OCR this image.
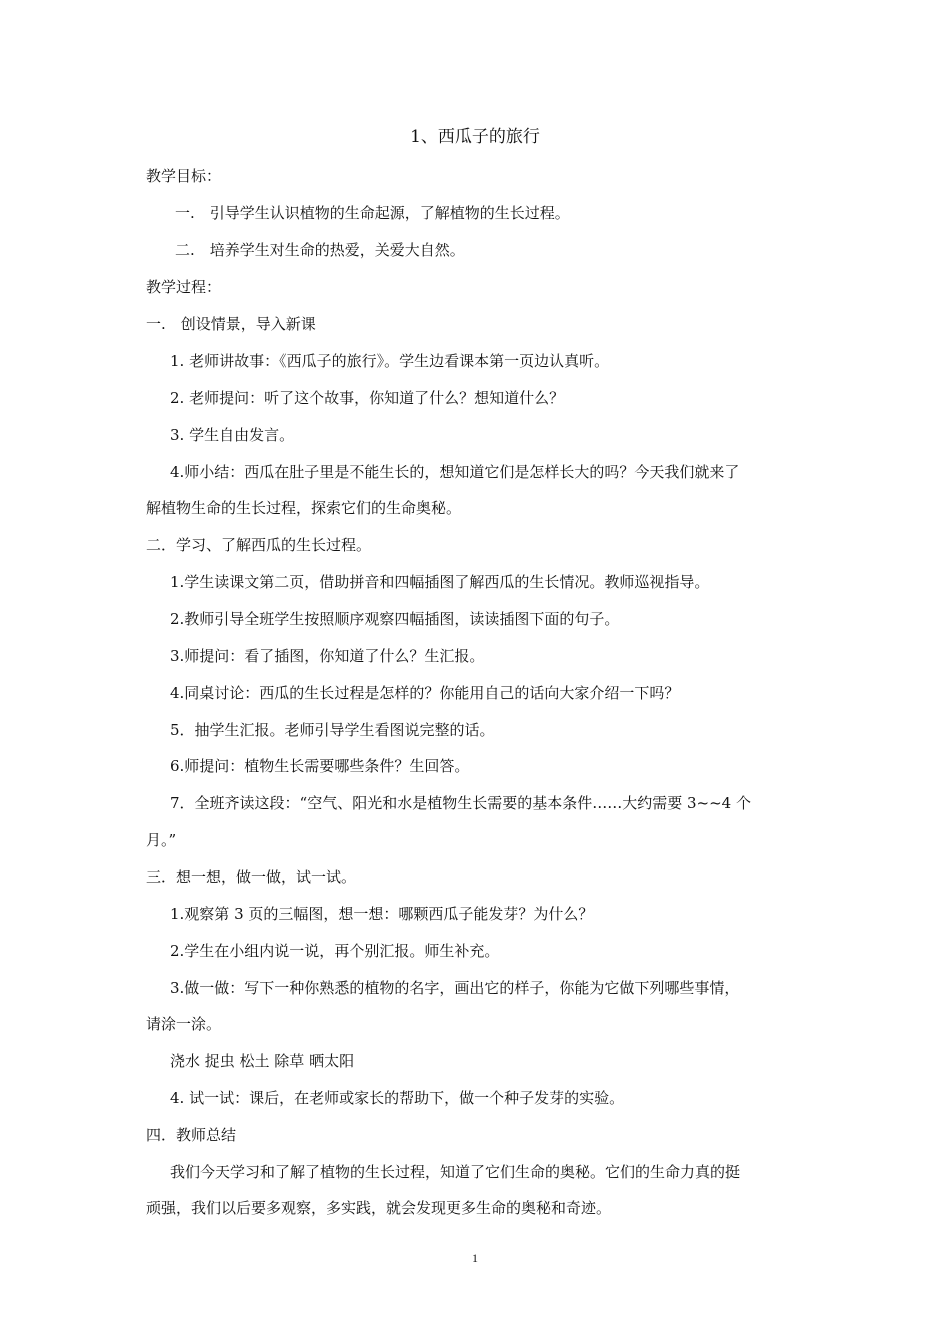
1、西瓜子的旅行
教学目标：
一.　引导学生认识植物的生命起源，了解植物的生长过程。
二.　培养学生对生命的热爱，关爱大自然。
教学过程：
一.　创设情景，导入新课
1. 老师讲故事：《西瓜子的旅行》。学生边看课本第一页边认真听。
2. 老师提问：听了这个故事，你知道了什么？想知道什么？
3. 学生自由发言。
4.师小结：西瓜在肚子里是不能生长的，想知道它们是怎样长大的吗？今天我们就来了
解植物生命的生长过程，探索它们的生命奥秘。
二．学习、了解西瓜的生长过程。
1.学生读课文第二页，借助拼音和四幅插图了解西瓜的生长情况。教师巡视指导。
2.教师引导全班学生按照顺序观察四幅插图，读读插图下面的句子。
3.师提问：看了插图，你知道了什么？生汇报。
4.同桌讨论：西瓜的生长过程是怎样的？你能用自己的话向大家介绍一下吗？
5．抽学生汇报。老师引导学生看图说完整的话。
6.师提问：植物生长需要哪些条件？生回答。
7．全班齐读这段：“空气、阳光和水是植物生长需要的基本条件……大约需要 3~~4 个
月。”
三．想一想，做一做，试一试。
1.观察第 3 页的三幅图，想一想：哪颗西瓜子能发芽？为什么？
2.学生在小组内说一说，再个别汇报。师生补充。
3.做一做：写下一种你熟悉的植物的名字，画出它的样子，你能为它做下列哪些事情，
请涂一涂。
浇水 捉虫 松土 除草 晒太阳
4. 试一试：课后，在老师或家长的帮助下，做一个种子发芽的实验。
四．教师总结
我们今天学习和了解了植物的生长过程，知道了它们生命的奥秘。它们的生命力真的挺
顽强，我们以后要多观察，多实践，就会发现更多生命的奥秘和奇迹。
1
